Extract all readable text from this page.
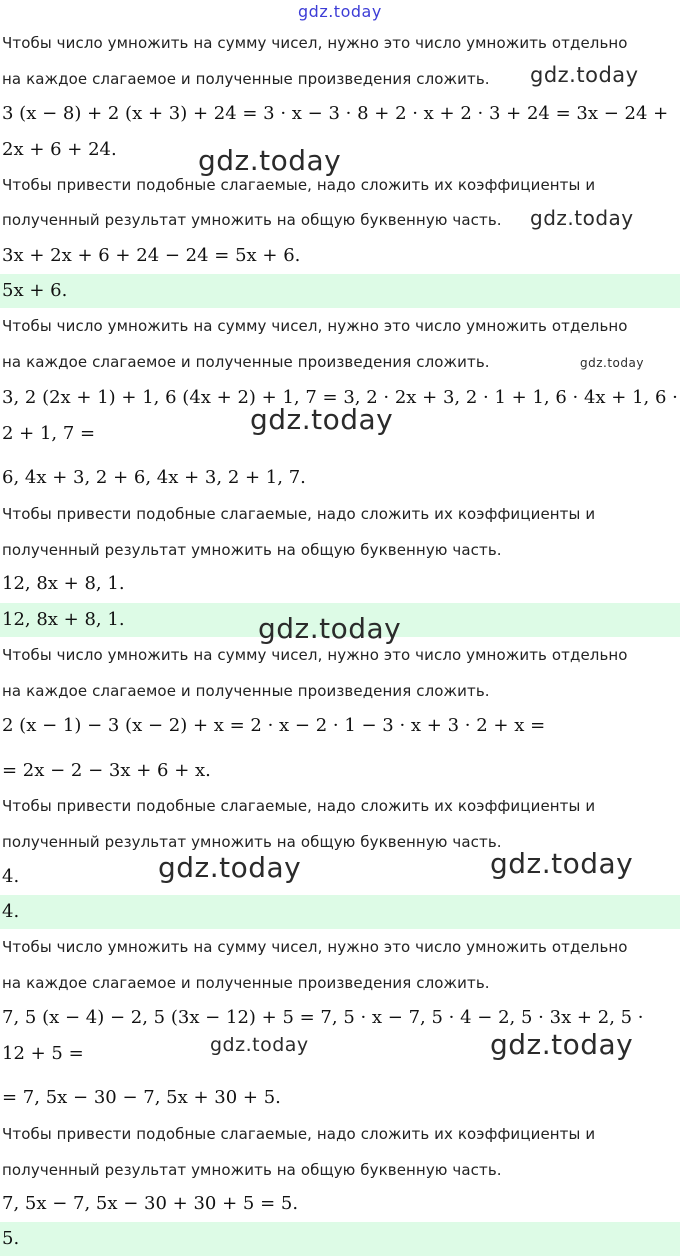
gdz.today
Чтобы число умножить на сумму чисел, нужно это число умножить отдельно
на каждое слагаемое и полученные произведения сложить.
3 (x − 8) + 2 (x + 3) + 24 = 3 · x − 3 · 8 + 2 · x + 2 · 3 + 24 = 3x − 24 +
2x + 6 + 24.
Чтобы привести подобные слагаемые, надо сложить их коэффициенты и
полученный результат умножить на общую буквенную часть.
3x + 2x + 6 + 24 − 24 = 5x + 6.
5x + 6.
Чтобы число умножить на сумму чисел, нужно это число умножить отдельно
на каждое слагаемое и полученные произведения сложить.
3, 2 (2x + 1) + 1, 6 (4x + 2) + 1, 7 = 3, 2 · 2x + 3, 2 · 1 + 1, 6 · 4x + 1, 6 ·
2 + 1, 7 =
6, 4x + 3, 2 + 6, 4x + 3, 2 + 1, 7.
Чтобы привести подобные слагаемые, надо сложить их коэффициенты и
полученный результат умножить на общую буквенную часть.
12, 8x + 8, 1.
12, 8x + 8, 1.
Чтобы число умножить на сумму чисел, нужно это число умножить отдельно
на каждое слагаемое и полученные произведения сложить.
2 (x − 1) − 3 (x − 2) + x = 2 · x − 2 · 1 − 3 · x + 3 · 2 + x =
= 2x − 2 − 3x + 6 + x.
Чтобы привести подобные слагаемые, надо сложить их коэффициенты и
полученный результат умножить на общую буквенную часть.
4.
4.
Чтобы число умножить на сумму чисел, нужно это число умножить отдельно
на каждое слагаемое и полученные произведения сложить.
7, 5 (x − 4) − 2, 5 (3x − 12) + 5 = 7, 5 · x − 7, 5 · 4 − 2, 5 · 3x + 2, 5 ·
12 + 5 =
= 7, 5x − 30 − 7, 5x + 30 + 5.
Чтобы привести подобные слагаемые, надо сложить их коэффициенты и
полученный результат умножить на общую буквенную часть.
7, 5x − 7, 5x − 30 + 30 + 5 = 5.
5.
gdz.today
gdz.today
gdz.today
gdz.today
gdz.today
gdz.today
gdz.today	gdz.today
gdz.today	gdz.today
